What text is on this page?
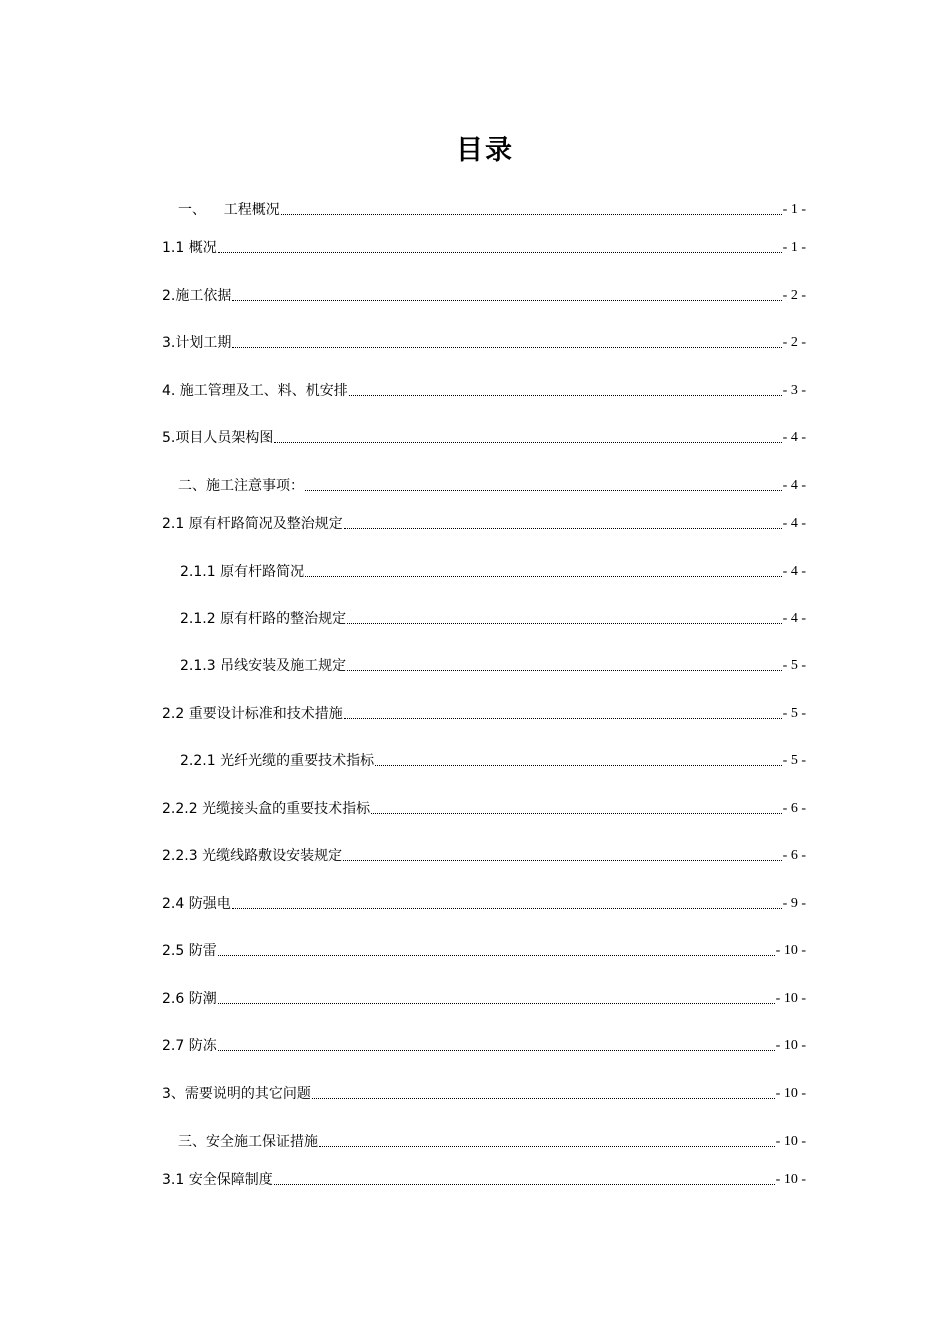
目录
一、    工程概况	- 1 -
1.1 概况	- 1 -
2.施工依据	- 2 -
3.计划工期	- 2 -
4. 施工管理及工、料、机安排	- 3 -
5.项目人员架构图	- 4 -
二、施工注意事项：	- 4 -
2.1 原有杆路简况及整治规定	- 4 -
2.1.1 原有杆路简况	- 4 -
2.1.2 原有杆路的整治规定	- 4 -
2.1.3 吊线安装及施工规定	- 5 -
2.2 重要设计标准和技术措施	- 5 -
2.2.1 光纤光缆的重要技术指标	- 5 -
2.2.2 光缆接头盒的重要技术指标	- 6 -
2.2.3 光缆线路敷设安装规定	- 6 -
2.4 防强电	- 9 -
2.5 防雷	- 10 -
2.6 防潮	- 10 -
2.7 防冻	- 10 -
3、需要说明的其它问题	- 10 -
三、安全施工保证措施	- 10 -
3.1 安全保障制度	- 10 -
